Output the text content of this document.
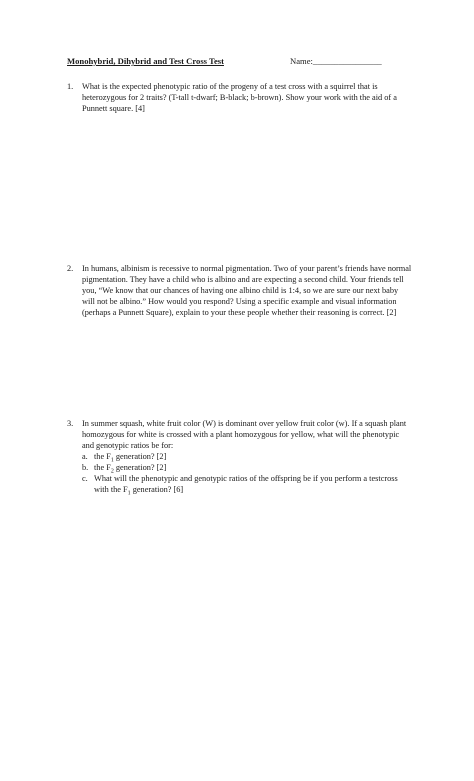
Monohybrid, Dihybrid and Test Cross Test	Name:________________
1. What is the expected phenotypic ratio of the progeny of a test cross with a squirrel that is heterozygous for 2 traits? (T-tall t-dwarf; B-black; b-brown). Show your work with the aid of a Punnett square. [4]
2. In humans, albinism is recessive to normal pigmentation. Two of your parent’s friends have normal pigmentation. They have a child who is albino and are expecting a second child. Your friends tell you, “We know that our chances of having one albino child is 1:4, so we are sure our next baby will not be albino.” How would you respond? Using a specific example and visual information (perhaps a Punnett Square), explain to your these people whether their reasoning is correct. [2]
3. In summer squash, white fruit color (W) is dominant over yellow fruit color (w). If a squash plant homozygous for white is crossed with a plant homozygous for yellow, what will the phenotypic and genotypic ratios be for:
a. the $F_1$ generation? [2]
b. the $F_2$ generation? [2]
c. What will the phenotypic and genotypic ratios of the offspring be if you perform a testcross with the $F_1$ generation? [6]
